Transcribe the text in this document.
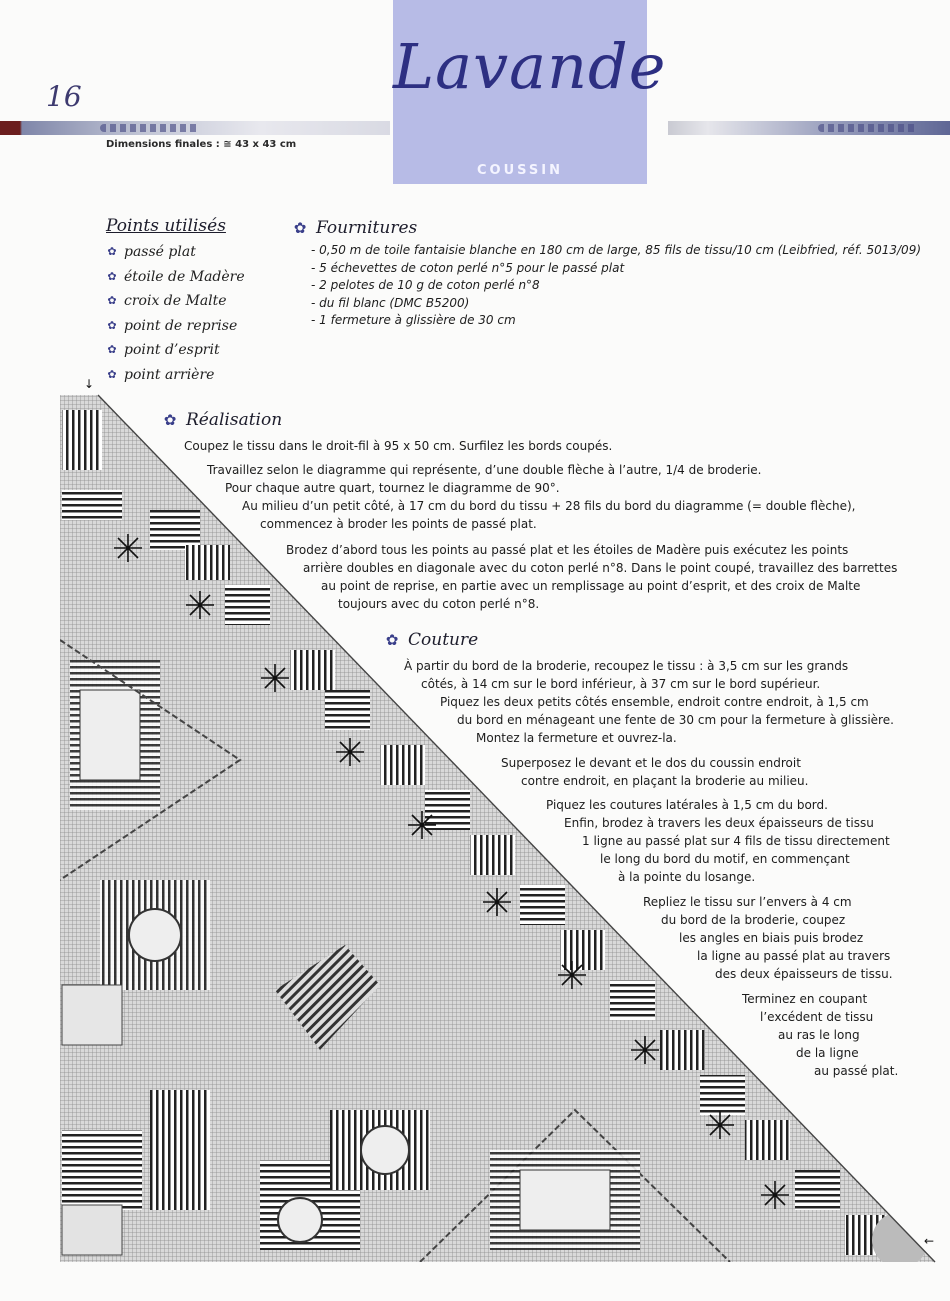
↓
←
16	Lavande
COUSSIN
Dimensions finales : ≅ 43 x 43 cm
Points utilisés
✿ passé plat
✿ étoile de Madère
✿ croix de Malte
✿ point de reprise
✿ point d’esprit
✿ point arrière
✿ Fournitures
- 0,50 m de toile fantaisie blanche en 180 cm de large, 85 fils de tissu/10 cm (Leibfried, réf. 5013/09)
- 5 échevettes de coton perlé n°5 pour le passé plat
- 2 pelotes de 10 g de coton perlé n°8
- du fil blanc (DMC B5200)
- 1 fermeture à glissière de 30 cm
✿ Réalisation

Coupez le tissu dans le droit-fil à 95 x 50 cm. Surfilez les bords coupés.

Travaillez selon le diagramme qui représente, d’une double flèche à l’autre, 1/4 de broderie.

Pour chaque autre quart, tournez le diagramme de 90°.

Au milieu d’un petit côté, à 17 cm du bord du tissu + 28 fils du bord du diagramme (= double flèche),

commencez à broder les points de passé plat.

Brodez d’abord tous les points au passé plat et les étoiles de Madère puis exécutez les points

arrière doubles en diagonale avec du coton perlé n°8. Dans le point coupé, travaillez des barrettes

au point de reprise, en partie avec un remplissage au point d’esprit, et des croix de Malte

toujours avec du coton perlé n°8.

✿ Couture

À partir du bord de la broderie, recoupez le tissu : à 3,5 cm sur les grands

côtés, à 14 cm sur le bord inférieur, à 37 cm sur le bord supérieur.

Piquez les deux petits côtés ensemble, endroit contre endroit, à 1,5 cm

du bord en ménageant une fente de 30 cm pour la fermeture à glissière.

Montez la fermeture et ouvrez-la.

Superposez le devant et le dos du coussin endroit

contre endroit, en plaçant la broderie au milieu.

Piquez les coutures latérales à 1,5 cm du bord.

Enfin, brodez à travers les deux épaisseurs de tissu

1 ligne au passé plat sur 4 fils de tissu directement

le long du bord du motif, en commençant

à la pointe du losange.

Repliez le tissu sur l’envers à 4 cm

du bord de la broderie, coupez

les angles en biais puis brodez

la ligne au passé plat au travers

des deux épaisseurs de tissu.

Terminez en coupant

l’excédent de tissu

au ras le long

de la ligne

au passé plat.
